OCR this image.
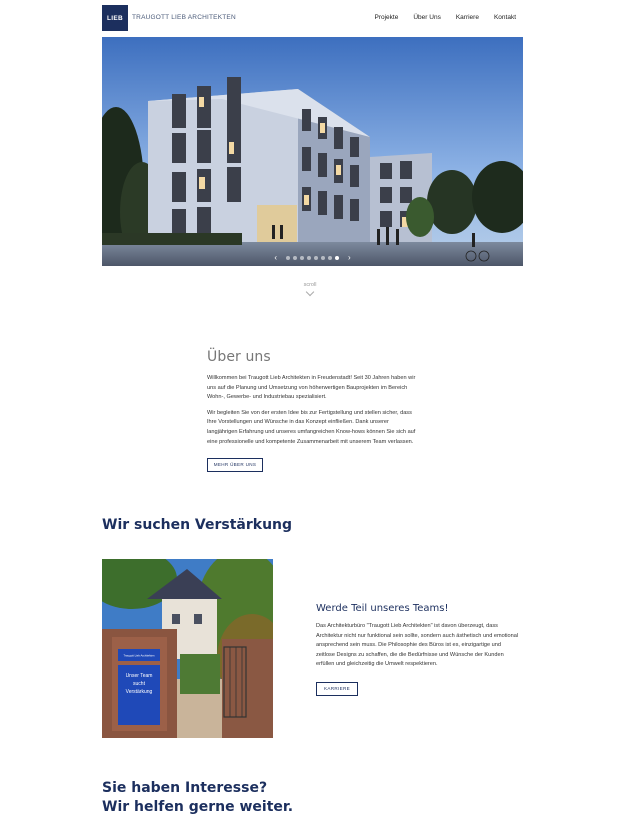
LIEB	TRAUGOTT LIEB ARCHITEKTEN	Projekte Über Uns Karriere Kontakt
‹	›
scroll
Über uns

Willkommen bei Traugott Lieb Architekten in Freudenstadt! Seit 30 Jahren haben wir uns auf die Planung und Umsetzung von höherwertigen Bauprojekten im Bereich Wohn-, Gewerbe- und Industriebau spezialisiert.

Wir begleiten Sie von der ersten Idee bis zur Fertigstellung und stellen sicher, dass Ihre Vorstellungen und Wünsche in das Konzept einfließen. Dank unserer langjährigen Erfahrung und unseres umfangreichen Know-hows können Sie sich auf eine professionelle und kompetente Zusammenarbeit mit unserem Team verlassen.

MEHR ÜBER UNS
Wir suchen Verstärkung
Traugott Lieb Architekten
Unser Team
sucht
Verstärkung
Werde Teil unseres Teams!

Das Architekturbüro "Traugott Lieb Architekten" ist davon überzeugt, dass Architektur nicht nur funktional sein sollte, sondern auch ästhetisch und emotional ansprechend sein muss. Die Philosophie des Büros ist es, einzigartige und zeitlose Designs zu schaffen, die die Bedürfnisse und Wünsche der Kunden erfüllen und gleichzeitig die Umwelt respektieren.

KARRIERE
Sie haben Interesse?
Wir helfen gerne weiter.
